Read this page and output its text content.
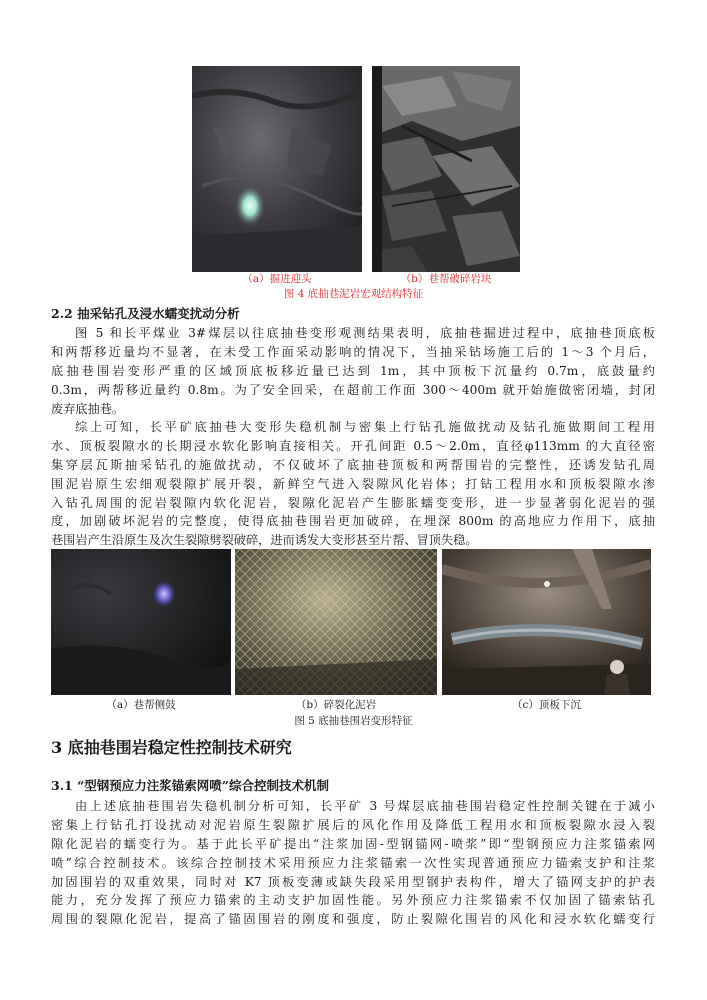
（a）掘进迎头	（b）巷帮破碎岩块
图 4 底抽巷泥岩宏观结构特征
2.2 抽采钻孔及浸水蠕变扰动分析
图 5 和长平煤业 3#煤层以往底抽巷变形观测结果表明，底抽巷掘进过程中，底抽巷顶底板
和两帮移近量均不显著，在未受工作面采动影响的情况下，当抽采钻场施工后的 1～3 个月后，
底抽巷围岩变形严重的区域顶底板移近量已达到 1m，其中顶板下沉量约 0.7m，底鼓量约
0.3m，两帮移近量约 0.8m。为了安全回采，在超前工作面 300～400m 就开始施做密闭墙，封闭
废弃底抽巷。
综上可知，长平矿底抽巷大变形失稳机制与密集上行钻孔施做扰动及钻孔施做期间工程用
水、顶板裂隙水的长期浸水软化影响直接相关。开孔间距 0.5～2.0m，直径φ113mm 的大直径密
集穿层瓦斯抽采钻孔的施做扰动，不仅破坏了底抽巷顶板和两帮围岩的完整性，还诱发钻孔周
围泥岩原生宏细观裂隙扩展开裂，新鲜空气进入裂隙风化岩体；打钻工程用水和顶板裂隙水渗
入钻孔周围的泥岩裂隙内软化泥岩，裂隙化泥岩产生膨胀蠕变变形，进一步显著弱化泥岩的强
度，加剧破坏泥岩的完整度，使得底抽巷围岩更加破碎，在埋深 800m 的高地应力作用下，底抽
巷围岩产生沿原生及次生裂隙劈裂破碎，进而诱发大变形甚至片帮、冒顶失稳。
（a）巷帮侧鼓	（b）碎裂化泥岩	（c）顶板下沉
图 5 底抽巷围岩变形特征
3 底抽巷围岩稳定性控制技术研究
3.1 “型钢预应力注浆锚索网喷”综合控制技术机制
由上述底抽巷围岩失稳机制分析可知，长平矿 3 号煤层底抽巷围岩稳定性控制关键在于减小
密集上行钻孔打设扰动对泥岩原生裂隙扩展后的风化作用及降低工程用水和顶板裂隙水浸入裂
隙化泥岩的蠕变行为。基于此长平矿提出“注浆加固-型钢锚网-喷浆”即“型钢预应力注浆锚索网
喷”综合控制技术。该综合控制技术采用预应力注浆锚索一次性实现普通预应力锚索支护和注浆
加固围岩的双重效果，同时对 K7 顶板变薄或缺失段采用型钢护表构件，增大了锚网支护的护表
能力，充分发挥了预应力锚索的主动支护加固性能。另外预应力注浆锚索不仅加固了锚索钻孔
周围的裂隙化泥岩，提高了锚固围岩的刚度和强度，防止裂隙化围岩的风化和浸水软化蠕变行
